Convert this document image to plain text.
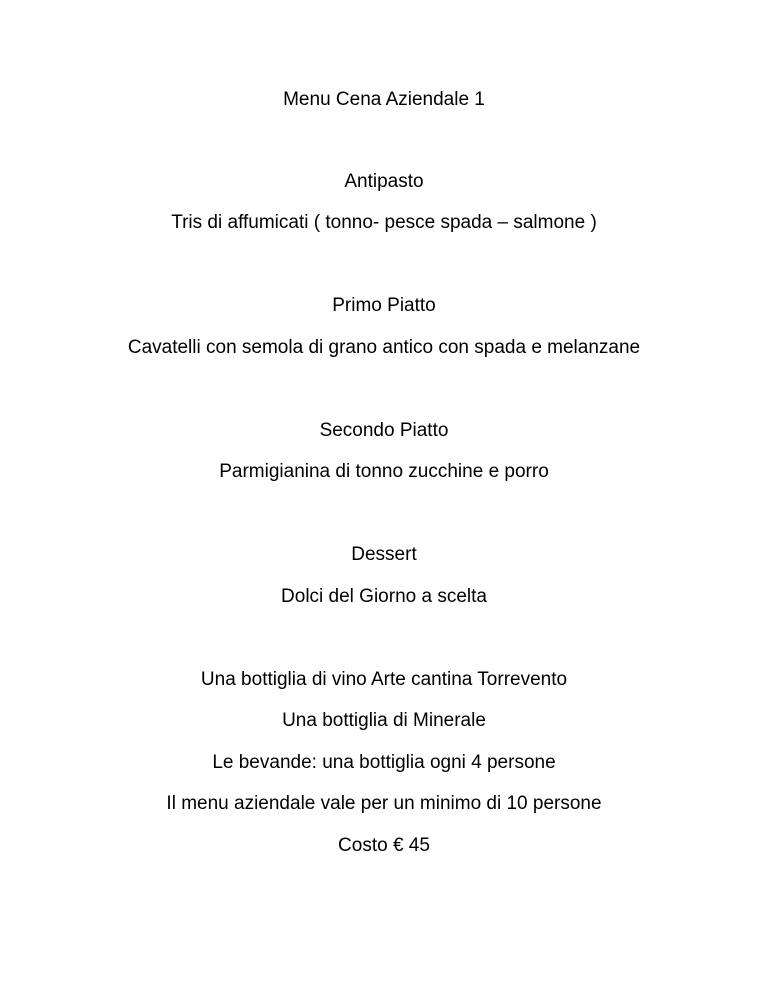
Menu Cena Aziendale 1
Antipasto
Tris di affumicati ( tonno- pesce spada – salmone )
Primo Piatto
Cavatelli con semola di grano antico con spada e melanzane
Secondo Piatto
Parmigianina di tonno zucchine e porro
Dessert
Dolci del Giorno a scelta
Una bottiglia di vino Arte cantina Torrevento
Una bottiglia di Minerale
Le bevande: una bottiglia ogni 4 persone
Il menu aziendale vale per un minimo di 10 persone
Costo € 45
